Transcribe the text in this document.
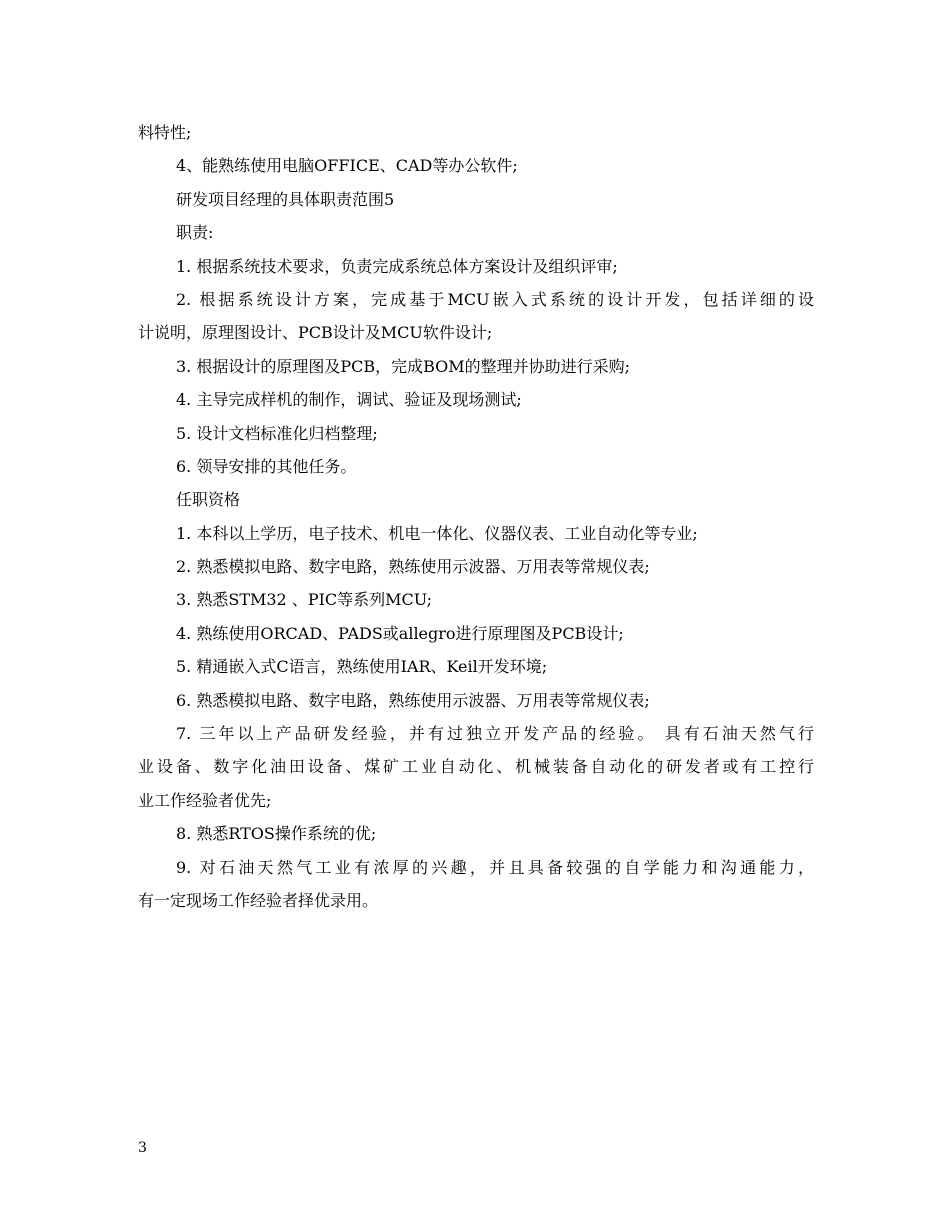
料特性;
4、能熟练使用电脑OFFICE、CAD等办公软件;
研发项目经理的具体职责范围5
职责:
1. 根据系统技术要求，负责完成系统总体方案设计及组织评审;
2. 根据系统设计方案，完成基于MCU嵌入式系统的设计开发，包括详细的设
计说明，原理图设计、PCB设计及MCU软件设计;
3. 根据设计的原理图及PCB，完成BOM的整理并协助进行采购;
4. 主导完成样机的制作，调试、验证及现场测试;
5. 设计文档标准化归档整理;
6. 领导安排的其他任务。
任职资格
1. 本科以上学历，电子技术、机电一体化、仪器仪表、工业自动化等专业;
2. 熟悉模拟电路、数字电路，熟练使用示波器、万用表等常规仪表;
3. 熟悉STM32 、PIC等系列MCU;
4. 熟练使用ORCAD、PADS或allegro进行原理图及PCB设计;
5. 精通嵌入式C语言，熟练使用IAR、Keil开发环境;
6. 熟悉模拟电路、数字电路，熟练使用示波器、万用表等常规仪表;
7. 三年以上产品研发经验，并有过独立开发产品的经验。 具有石油天然气行
业设备、数字化油田设备、煤矿工业自动化、机械装备自动化的研发者或有工控行
业工作经验者优先;
8. 熟悉RTOS操作系统的优;
9. 对石油天然气工业有浓厚的兴趣，并且具备较强的自学能力和沟通能力，
有一定现场工作经验者择优录用。
3
